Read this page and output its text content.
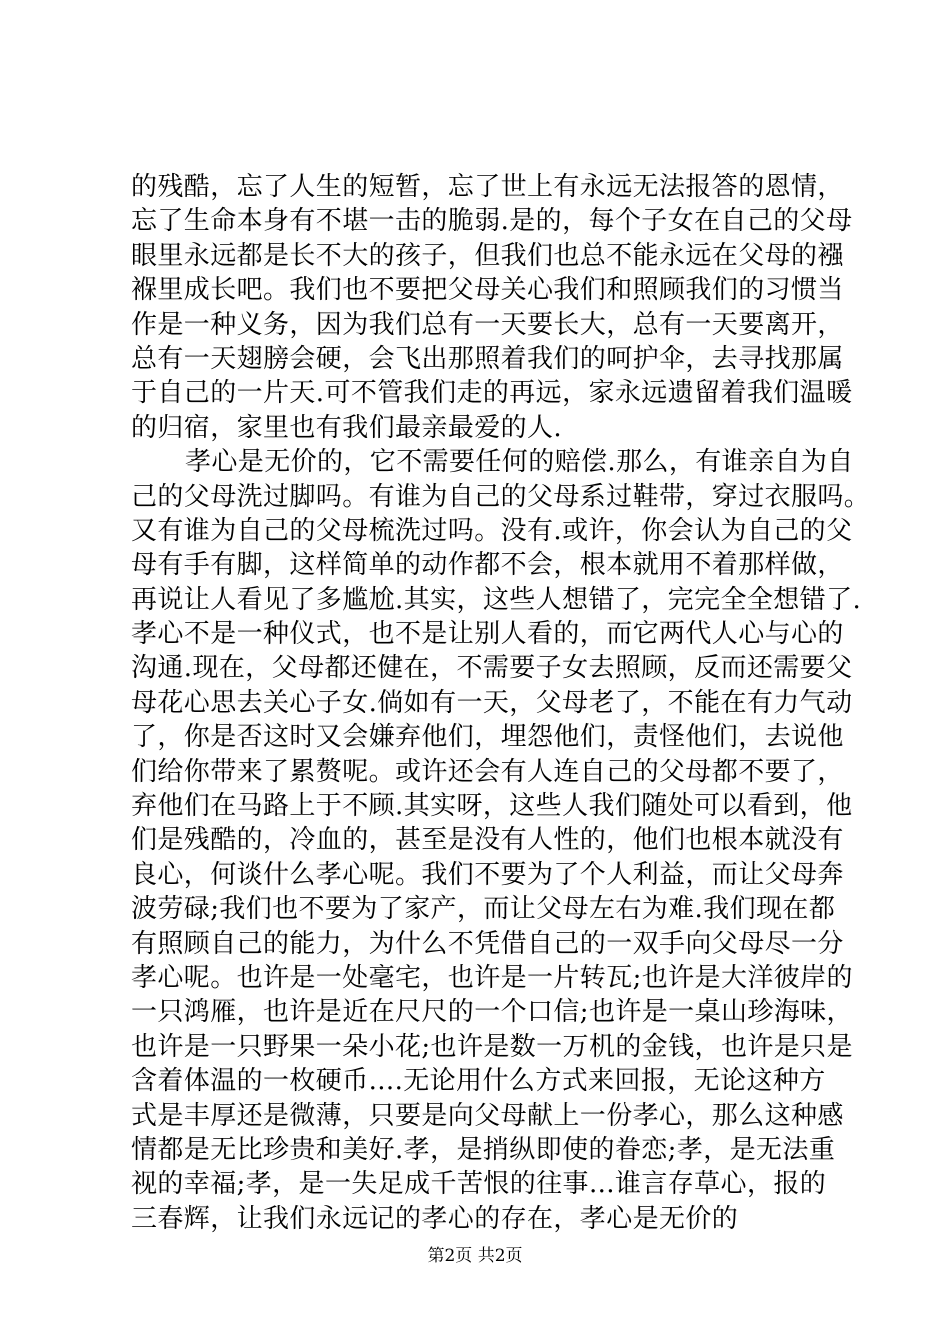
的残酷，忘了人生的短暂，忘了世上有永远无法报答的恩情，
忘了生命本身有不堪一击的脆弱.是的，每个子女在自己的父母
眼里永远都是长不大的孩子，但我们也总不能永远在父母的襁
褓里成长吧。我们也不要把父母关心我们和照顾我们的习惯当
作是一种义务，因为我们总有一天要长大，总有一天要离开，
总有一天翅膀会硬，会飞出那照着我们的呵护伞，去寻找那属
于自己的一片天.可不管我们走的再远，家永远遗留着我们温暖
的归宿，家里也有我们最亲最爱的人.
孝心是无价的，它不需要任何的赔偿.那么，有谁亲自为自
己的父母洗过脚吗。有谁为自己的父母系过鞋带，穿过衣服吗。
又有谁为自己的父母梳洗过吗。没有.或许，你会认为自己的父
母有手有脚，这样简单的动作都不会，根本就用不着那样做，
再说让人看见了多尴尬.其实，这些人想错了，完完全全想错了.
孝心不是一种仪式，也不是让别人看的，而它两代人心与心的
沟通.现在，父母都还健在，不需要子女去照顾，反而还需要父
母花心思去关心子女.倘如有一天，父母老了，不能在有力气动
了，你是否这时又会嫌弃他们，埋怨他们，责怪他们，去说他
们给你带来了累赘呢。或许还会有人连自己的父母都不要了，
弃他们在马路上于不顾.其实呀，这些人我们随处可以看到，他
们是残酷的，冷血的，甚至是没有人性的，他们也根本就没有
良心，何谈什么孝心呢。我们不要为了个人利益，而让父母奔
波劳碌;我们也不要为了家产，而让父母左右为难.我们现在都
有照顾自己的能力，为什么不凭借自己的一双手向父母尽一分
孝心呢。也许是一处毫宅，也许是一片转瓦;也许是大洋彼岸的
一只鸿雁，也许是近在尺尺的一个口信;也许是一桌山珍海味，
也许是一只野果一朵小花;也许是数一万机的金钱，也许是只是
含着体温的一枚硬币....无论用什么方式来回报，无论这种方
式是丰厚还是微薄，只要是向父母献上一份孝心，那么这种感
情都是无比珍贵和美好.孝，是捎纵即使的眷恋;孝，是无法重
视的幸福;孝，是一失足成千苦恨的往事...谁言存草心，报的
三春辉，让我们永远记的孝心的存在，孝心是无价的
第2页 共2页
